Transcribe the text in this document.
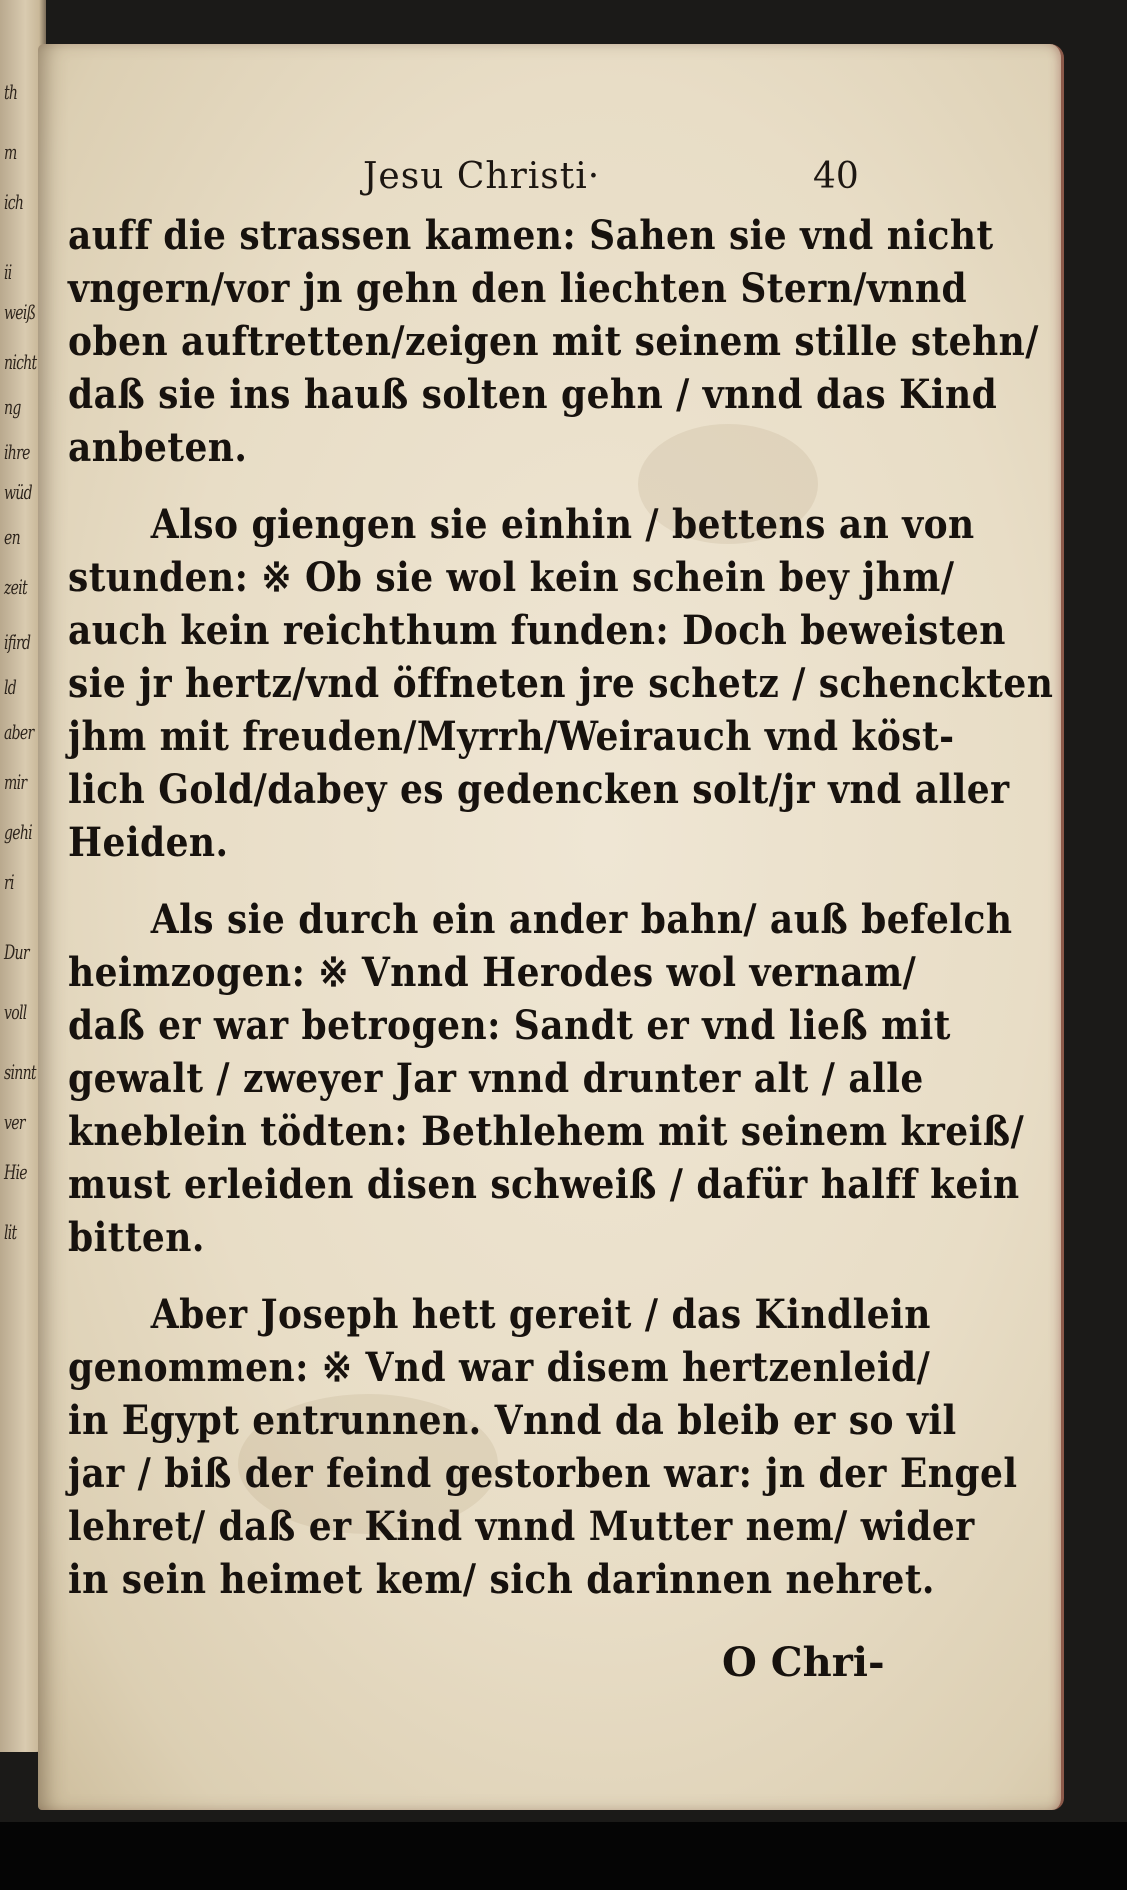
th
m
ich
ii
weiß
nicht
ng
ihre
wüd
en
zeit
ifird
ld
aber
mir
gehi
ri
Dur
voll
sinnt
ver
Hie
lit
Jesu Christi·	40
auff die strassen kamen: Sahen sie vnd nicht
vngern/vor jn gehn den liechten Stern/vnnd
oben auftretten/zeigen mit seinem stille stehn/
daß sie ins hauß solten gehn / vnnd das Kind
anbeten.
Also giengen sie einhin / bettens an von
stunden: ※ Ob sie wol kein schein bey jhm/
auch kein reichthum funden: Doch beweisten
sie jr hertz/vnd öffneten jre schetz / schenckten
jhm mit freuden/Myrrh/Weirauch vnd köst-
lich Gold/dabey es gedencken solt/jr vnd aller
Heiden.
Als sie durch ein ander bahn/ auß befelch
heimzogen: ※ Vnnd Herodes wol vernam/
daß er war betrogen: Sandt er vnd ließ mit
gewalt / zweyer Jar vnnd drunter alt / alle
kneblein tödten: Bethlehem mit seinem kreiß/
must erleiden disen schweiß / dafür halff kein
bitten.
Aber Joseph hett gereit / das Kindlein
genommen: ※ Vnd war disem hertzenleid/
in Egypt entrunnen. Vnnd da bleib er so vil
jar / biß der feind gestorben war: jn der Engel
lehret/ daß er Kind vnnd Mutter nem/ wider
in sein heimet kem/ sich darinnen nehret.
O Chri-
